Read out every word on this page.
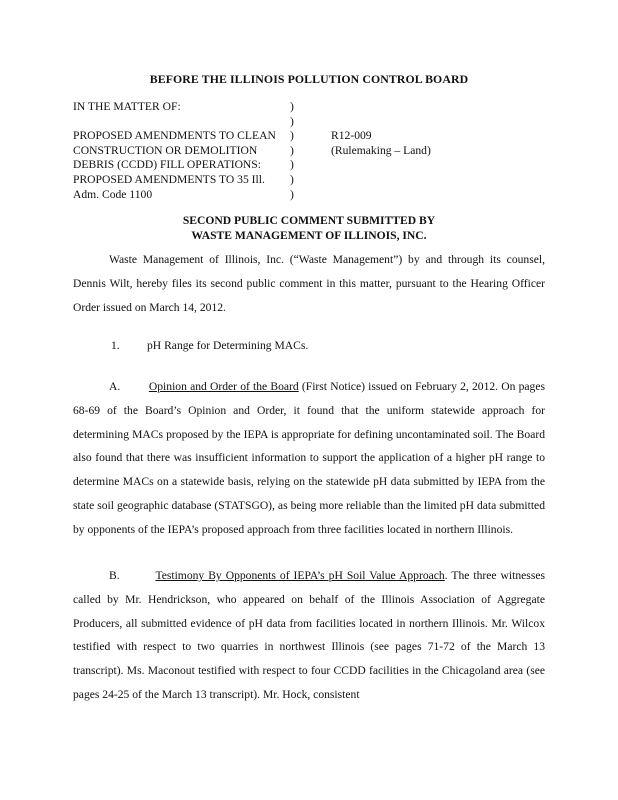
BEFORE THE ILLINOIS POLLUTION CONTROL BOARD
IN THE MATTER OF:

PROPOSED AMENDMENTS TO CLEAN
CONSTRUCTION OR DEMOLITION
DEBRIS (CCDD) FILL OPERATIONS:
PROPOSED AMENDMENTS TO 35 Ill.
Adm. Code 1100
)
)
)
)
)
)
)
R12-009
(Rulemaking – Land)
SECOND PUBLIC COMMENT SUBMITTED BY
WASTE MANAGEMENT OF ILLINOIS, INC.
Waste Management of Illinois, Inc. (“Waste Management”) by and through its counsel, Dennis Wilt, hereby files its second public comment in this matter, pursuant to the Hearing Officer Order issued on March 14, 2012.
1. pH Range for Determining MACs.
A. Opinion and Order of the Board (First Notice) issued on February 2, 2012. On pages 68-69 of the Board’s Opinion and Order, it found that the uniform statewide approach for determining MACs proposed by the IEPA is appropriate for defining uncontaminated soil. The Board also found that there was insufficient information to support the application of a higher pH range to determine MACs on a statewide basis, relying on the statewide pH data submitted by IEPA from the state soil geographic database (STATSGO), as being more reliable than the limited pH data submitted by opponents of the IEPA’s proposed approach from three facilities located in northern Illinois.
B.	Testimony By Opponents of IEPA’s pH Soil Value Approach. The three witnesses called by Mr. Hendrickson, who appeared on behalf of the Illinois Association of Aggregate Producers, all submitted evidence of pH data from facilities located in northern Illinois. Mr. Wilcox testified with respect to two quarries in northwest Illinois (see pages 71-72 of the March 13 transcript). Ms. Maconout testified with respect to four CCDD facilities in the Chicagoland area (see pages 24-25 of the March 13 transcript). Mr. Hock, consistent
